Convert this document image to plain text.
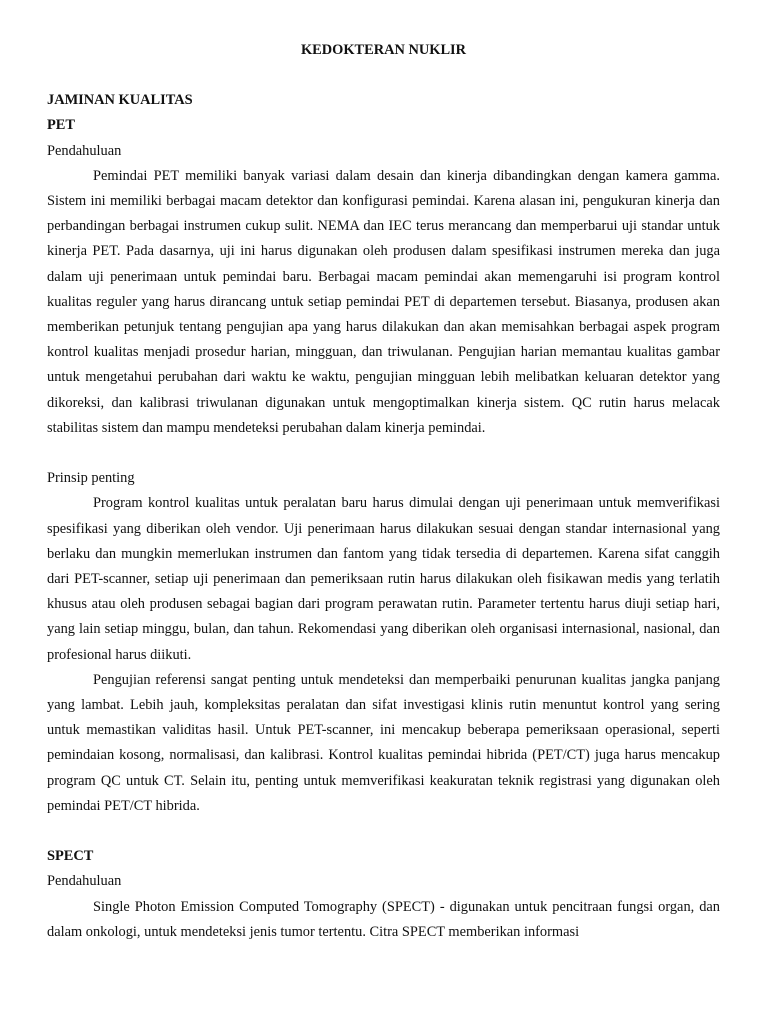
KEDOKTERAN NUKLIR
JAMINAN KUALITAS
PET
Pendahuluan

Pemindai PET memiliki banyak variasi dalam desain dan kinerja dibandingkan dengan kamera gamma. Sistem ini memiliki berbagai macam detektor dan konfigurasi pemindai. Karena alasan ini, pengukuran kinerja dan perbandingan berbagai instrumen cukup sulit. NEMA dan IEC terus merancang dan memperbarui uji standar untuk kinerja PET. Pada dasarnya, uji ini harus digunakan oleh produsen dalam spesifikasi instrumen mereka dan juga dalam uji penerimaan untuk pemindai baru. Berbagai macam pemindai akan memengaruhi isi program kontrol kualitas reguler yang harus dirancang untuk setiap pemindai PET di departemen tersebut. Biasanya, produsen akan memberikan petunjuk tentang pengujian apa yang harus dilakukan dan akan memisahkan berbagai aspek program kontrol kualitas menjadi prosedur harian, mingguan, dan triwulanan. Pengujian harian memantau kualitas gambar untuk mengetahui perubahan dari waktu ke waktu, pengujian mingguan lebih melibatkan keluaran detektor yang dikoreksi, dan kalibrasi triwulanan digunakan untuk mengoptimalkan kinerja sistem. QC rutin harus melacak stabilitas sistem dan mampu mendeteksi perubahan dalam kinerja pemindai.

Prinsip penting

Program kontrol kualitas untuk peralatan baru harus dimulai dengan uji penerimaan untuk memverifikasi spesifikasi yang diberikan oleh vendor. Uji penerimaan harus dilakukan sesuai dengan standar internasional yang berlaku dan mungkin memerlukan instrumen dan fantom yang tidak tersedia di departemen. Karena sifat canggih dari PET-scanner, setiap uji penerimaan dan pemeriksaan rutin harus dilakukan oleh fisikawan medis yang terlatih khusus atau oleh produsen sebagai bagian dari program perawatan rutin. Parameter tertentu harus diuji setiap hari, yang lain setiap minggu, bulan, dan tahun. Rekomendasi yang diberikan oleh organisasi internasional, nasional, dan profesional harus diikuti.

Pengujian referensi sangat penting untuk mendeteksi dan memperbaiki penurunan kualitas jangka panjang yang lambat. Lebih jauh, kompleksitas peralatan dan sifat investigasi klinis rutin menuntut kontrol yang sering untuk memastikan validitas hasil. Untuk PET-scanner, ini mencakup beberapa pemeriksaan operasional, seperti pemindaian kosong, normalisasi, dan kalibrasi. Kontrol kualitas pemindai hibrida (PET/CT) juga harus mencakup program QC untuk CT. Selain itu, penting untuk memverifikasi keakuratan teknik registrasi yang digunakan oleh pemindai PET/CT hibrida.

SPECT
Pendahuluan

Single Photon Emission Computed Tomography (SPECT) - digunakan untuk pencitraan fungsi organ, dan dalam onkologi, untuk mendeteksi jenis tumor tertentu. Citra SPECT memberikan informasi
